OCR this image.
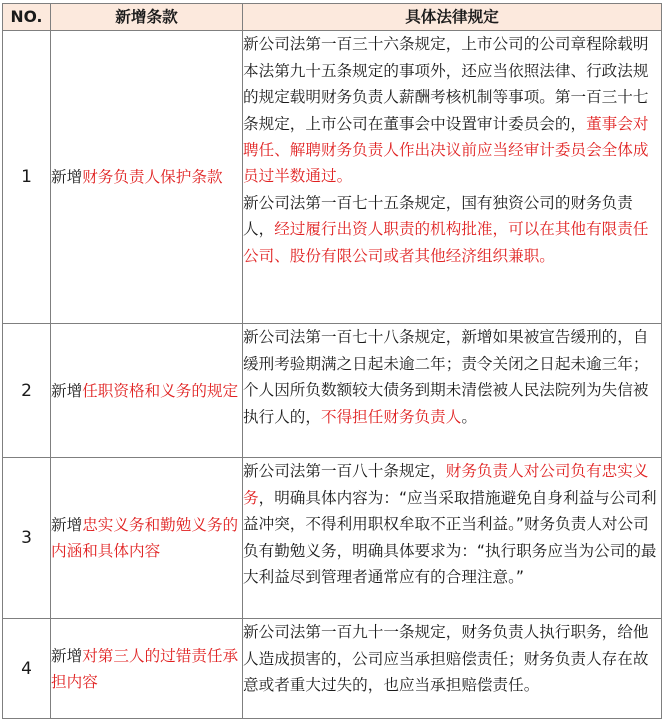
NO.	新增条款	具体法律规定
1	新增财务负责人保护条款	新公司法第一百三十六条规定，上市公司的公司章程除载明本法第九十五条规定的事项外，还应当依照法律、行政法规的规定载明财务负责人薪酬考核机制等事项。第一百三十七条规定，上市公司在董事会中设置审计委员会的，董事会对聘任、解聘财务负责人作出决议前应当经审计委员会全体成员过半数通过。

新公司法第一百七十五条规定，国有独资公司的财务负责人，经过履行出资人职责的机构批准，可以在其他有限责任公司、股份有限公司或者其他经济组织兼职。

2	新增任职资格和义务的规定	新公司法第一百七十八条规定，新增如果被宣告缓刑的，自缓刑考验期满之日起未逾二年；责令关闭之日起未逾三年；个人因所负数额较大债务到期未清偿被人民法院列为失信被执行人的，不得担任财务负责人。

3	新增忠实义务和勤勉义务的内涵和具体内容	新公司法第一百八十条规定，财务负责人对公司负有忠实义务，明确具体内容为：“应当采取措施避免自身利益与公司利益冲突，不得利用职权牟取不正当利益。”财务负责人对公司负有勤勉义务，明确具体要求为：“执行职务应当为公司的最大利益尽到管理者通常应有的合理注意。”

4	新增对第三人的过错责任承担内容	新公司法第一百九十一条规定，财务负责人执行职务，给他人造成损害的，公司应当承担赔偿责任；财务负责人存在故意或者重大过失的，也应当承担赔偿责任。
